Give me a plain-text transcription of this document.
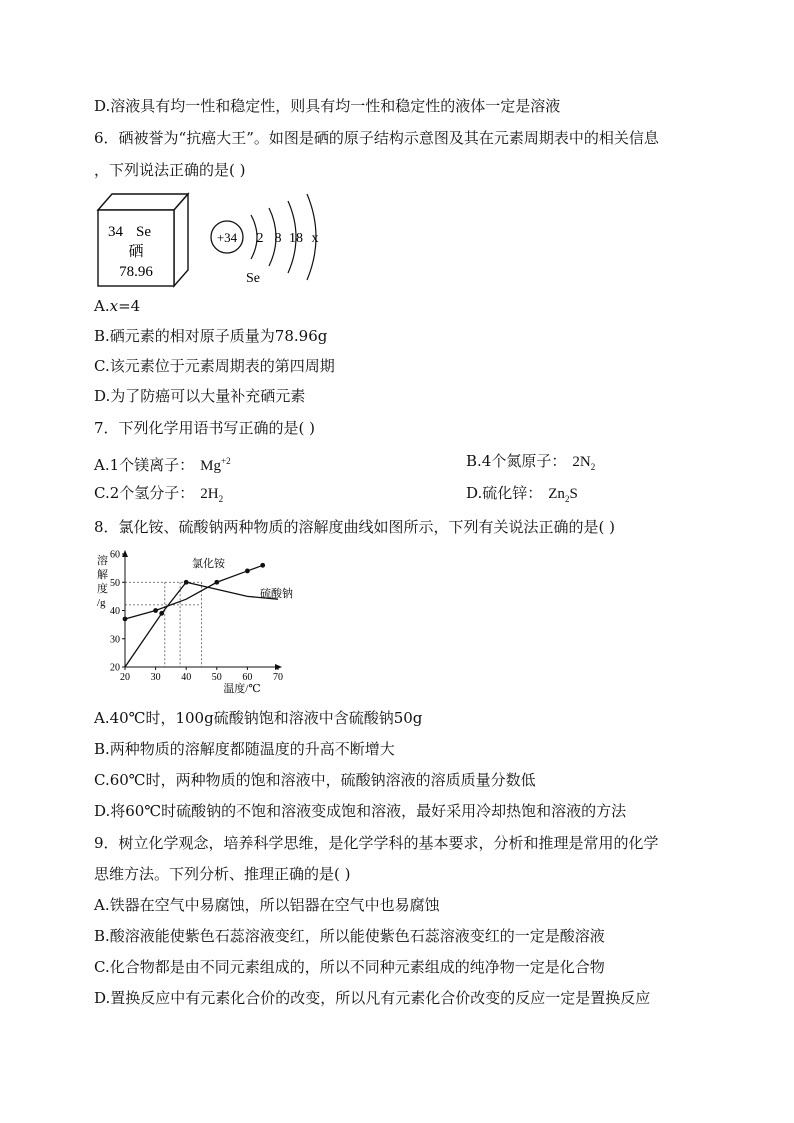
D.溶液具有均一性和稳定性，则具有均一性和稳定性的液体一定是溶液
6．硒被誉为“抗癌大王”。如图是硒的原子结构示意图及其在元素周期表中的相关信息
，下列说法正确的是( )
34 Se
硒
78.96
+34 2 8 18 x
Se
A.x=4
B.硒元素的相对原子质量为78.96g
C.该元素位于元素周期表的第四周期
D.为了防癌可以大量补充硒元素
7．下列化学用语书写正确的是( )
A.1个镁离子： $Mg^{+2}$	B.4个氮原子： $2N_2$
C.2个氢分子： $2H_2$	D.硫化锌： $Zn_2S$
8．氯化铵、硫酸钠两种物质的溶解度曲线如图所示，下列有关说法正确的是( )
20 30 40 50 60 70
20
30
40
50
60
溶
解
度
/g
氯化铵
硫酸钠
温度/℃
A.40℃时，100g硫酸钠饱和溶液中含硫酸钠50g
B.两种物质的溶解度都随温度的升高不断增大
C.60℃时，两种物质的饱和溶液中，硫酸钠溶液的溶质质量分数低
D.将60℃时硫酸钠的不饱和溶液变成饱和溶液，最好采用冷却热饱和溶液的方法
9．树立化学观念，培养科学思维，是化学学科的基本要求，分析和推理是常用的化学
思维方法。下列分析、推理正确的是( )
A.铁器在空气中易腐蚀，所以铝器在空气中也易腐蚀
B.酸溶液能使紫色石蕊溶液变红，所以能使紫色石蕊溶液变红的一定是酸溶液
C.化合物都是由不同元素组成的，所以不同种元素组成的纯净物一定是化合物
D.置换反应中有元素化合价的改变，所以凡有元素化合价改变的反应一定是置换反应
